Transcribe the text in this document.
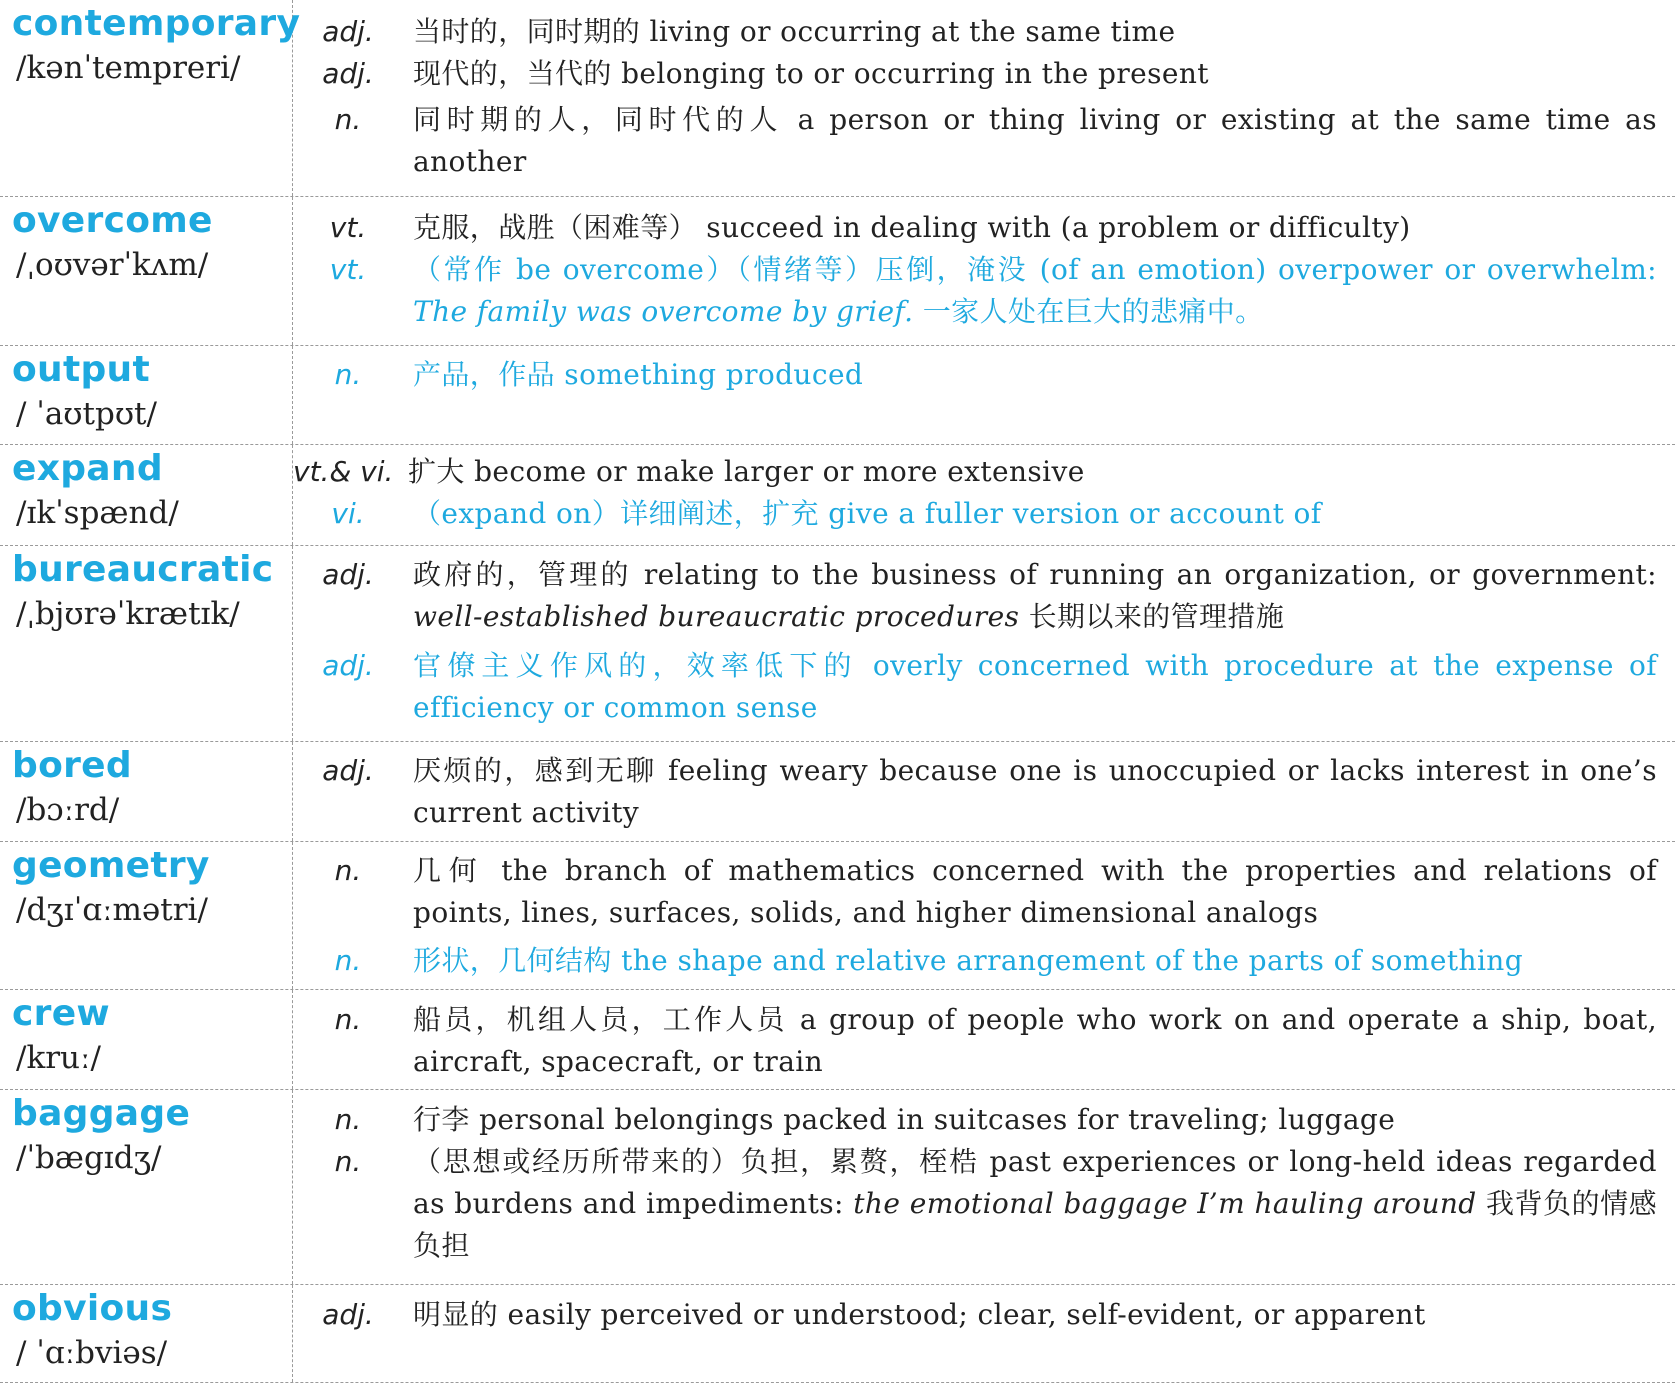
contemporary
/kənˈtempreri/
adj.	当时的，同时期的 living or occurring at the same time
adj.	现代的，当代的 belonging to or occurring in the present
n.	同时期的人，同时代的人 a person or thing living or existing at the same time as another
overcome
/ˌoʊvərˈkʌm/
vt.	克服，战胜（困难等） succeed in dealing with (a problem or difficulty)
vt.	（常作 be overcome）（情绪等）压倒，淹没 (of an emotion) overpower or overwhelm: The family was overcome by grief. 一家人处在巨大的悲痛中。
output
/ ˈaʊtpʊt/
n.	产品，作品 something produced
expand
/ɪkˈspænd/
vt.& vi. 扩大 become or make larger or more extensive
vi.	（expand on）详细阐述，扩充 give a fuller version or account of
bureaucratic
/ˌbjʊrəˈkrætɪk/
adj.	政府的，管理的 relating to the business of running an organization, or government: well-established bureaucratic procedures 长期以来的管理措施
adj.	官僚主义作风的，效率低下的 overly concerned with procedure at the expense of efficiency or common sense
bored
/bɔːrd/
adj.	厌烦的，感到无聊 feeling weary because one is unoccupied or lacks interest in one’s current activity
geometry
/dʒɪˈɑːmətri/
n.	几何 the branch of mathematics concerned with the properties and relations of points, lines, surfaces, solids, and higher dimensional analogs
n.	形状，几何结构 the shape and relative arrangement of the parts of something
crew
/kruː/
n.	船员，机组人员，工作人员 a group of people who work on and operate a ship, boat, aircraft, spacecraft, or train
baggage
/ˈbægɪdʒ/
n.	行李 personal belongings packed in suitcases for traveling; luggage
n.	（思想或经历所带来的）负担，累赘，桎梏 past experiences or long-held ideas regarded as burdens and impediments: the emotional baggage I’m hauling around 我背负的情感负担
obvious
/ ˈɑːbviəs/
adj.	明显的 easily perceived or understood; clear, self-evident, or apparent
